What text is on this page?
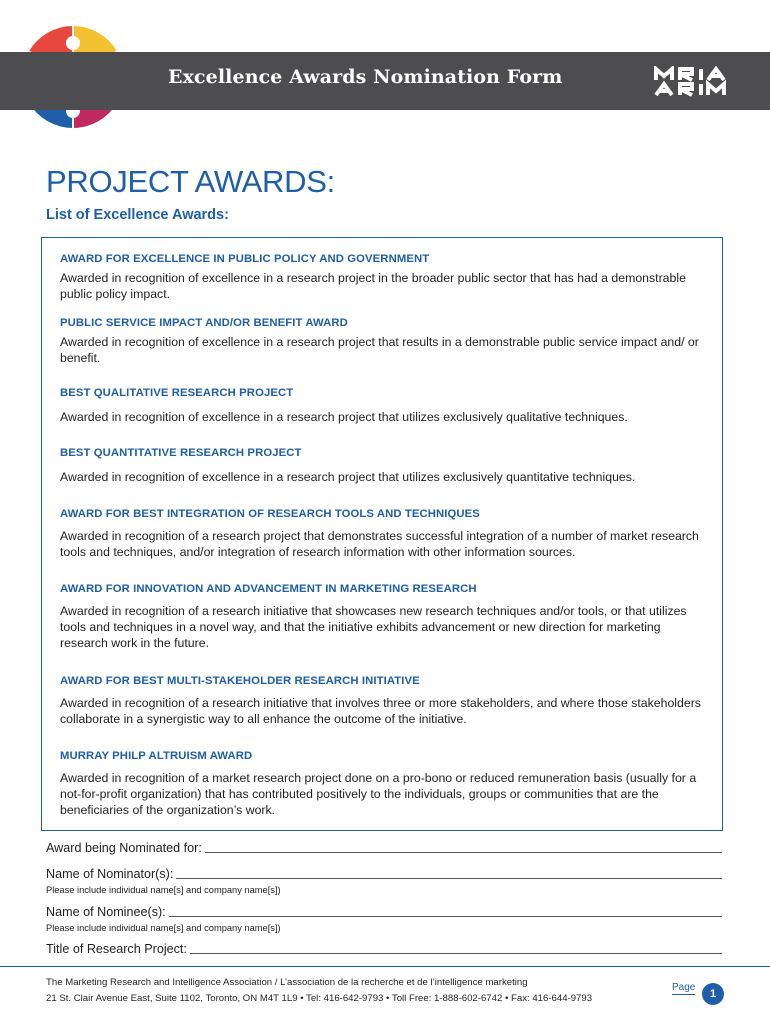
Excellence Awards Nomination Form
PROJECT AWARDS:
List of Excellence Awards:

AWARD FOR EXCELLENCE IN PUBLIC POLICY AND GOVERNMENT

Awarded in recognition of excellence in a research project in the broader public sector that has had a demonstrable public policy impact.

PUBLIC SERVICE IMPACT AND/OR BENEFIT AWARD

Awarded in recognition of excellence in a research project that results in a demonstrable public service impact and/ or benefit.

BEST QUALITATIVE RESEARCH PROJECT

Awarded in recognition of excellence in a research project that utilizes exclusively qualitative techniques.

BEST QUANTITATIVE RESEARCH PROJECT

Awarded in recognition of excellence in a research project that utilizes exclusively quantitative techniques.

AWARD FOR BEST INTEGRATION OF RESEARCH TOOLS AND TECHNIQUES

Awarded in recognition of a research project that demonstrates successful integration of a number of market research tools and techniques, and/or integration of research information with other information sources.

AWARD FOR INNOVATION AND ADVANCEMENT IN MARKETING RESEARCH

Awarded in recognition of a research initiative that showcases new research techniques and/or tools, or that utilizes tools and techniques in a novel way, and that the initiative exhibits advancement or new direction for marketing research work in the future.

AWARD FOR BEST MULTI-STAKEHOLDER RESEARCH INITIATIVE

Awarded in recognition of a research initiative that involves three or more stakeholders, and where those stakeholders collaborate in a synergistic way to all enhance the outcome of the initiative.

MURRAY PHILP ALTRUISM AWARD

Awarded in recognition of a market research project done on a pro-bono or reduced remuneration basis (usually for a not-for-profit organization) that has contributed positively to the individuals, groups or communities that are the beneficiaries of the organization’s work.

Award being Nominated for:
Name of Nominator(s):
Please include individual name[s] and company name[s])
Name of Nominee(s):
Please include individual name[s] and company name[s])
Title of Research Project:
The Marketing Research and Intelligence Association / L’association de la recherche et de l’intelligence marketing
21 St. Clair Avenue East, Suite 1102, Toronto, ON M4T 1L9 • Tel: 416-642-9793 • Toll Free: 1-888-602-6742 • Fax: 416-644-9793
Page
1
